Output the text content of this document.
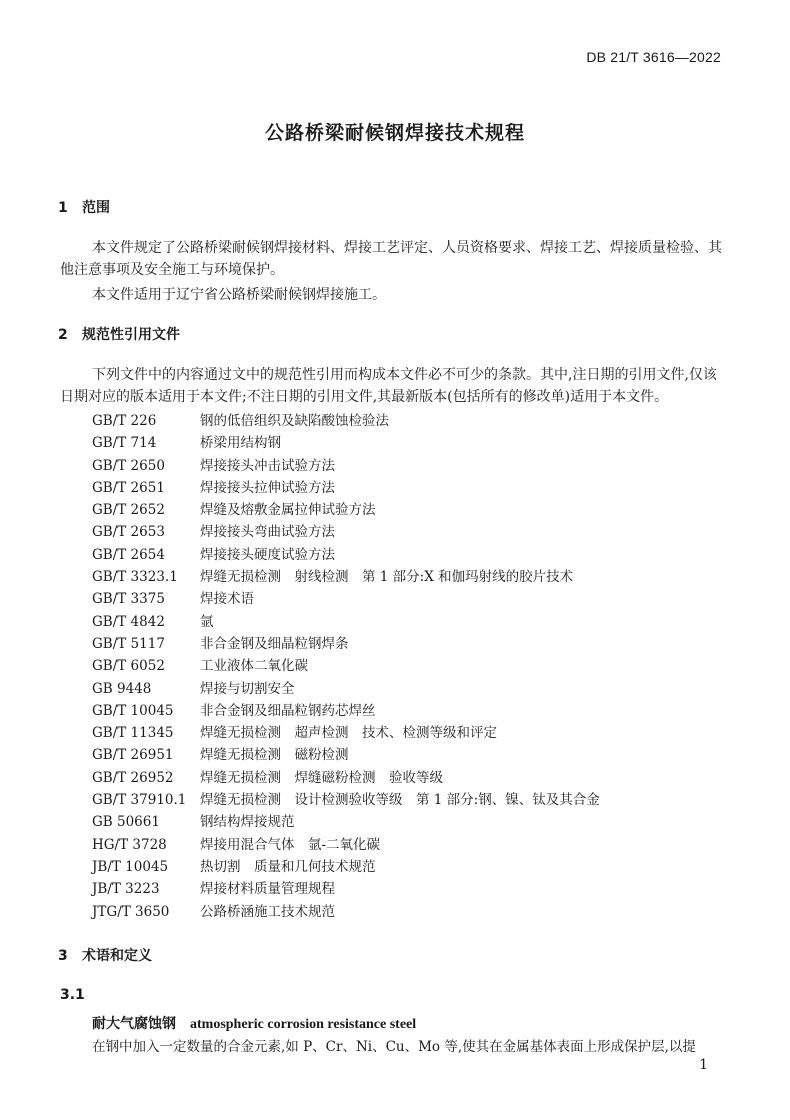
DB 21/T 3616—2022
公路桥梁耐候钢焊接技术规程
1 范围
本文件规定了公路桥梁耐候钢焊接材料、焊接工艺评定、人员资格要求、焊接工艺、焊接质量检验、其他注意事项及安全施工与环境保护。
本文件适用于辽宁省公路桥梁耐候钢焊接施工。
2 规范性引用文件
下列文件中的内容通过文中的规范性引用而构成本文件必不可少的条款。其中,注日期的引用文件,仅该日期对应的版本适用于本文件;不注日期的引用文件,其最新版本(包括所有的修改单)适用于本文件。
GB/T 226	钢的低倍组织及缺陷酸蚀检验法
GB/T 714	桥梁用结构钢
GB/T 2650	焊接接头冲击试验方法
GB/T 2651	焊接接头拉伸试验方法
GB/T 2652	焊缝及熔敷金属拉伸试验方法
GB/T 2653	焊接接头弯曲试验方法
GB/T 2654	焊接接头硬度试验方法
GB/T 3323.1 焊缝无损检测　射线检测　第 1 部分:X 和伽玛射线的胶片技术
GB/T 3375	焊接术语
GB/T 4842	氩
GB/T 5117	非合金钢及细晶粒钢焊条
GB/T 6052	工业液体二氧化碳
GB 9448	焊接与切割安全
GB/T 10045 非合金钢及细晶粒钢药芯焊丝
GB/T 11345 焊缝无损检测　超声检测　技术、检测等级和评定
GB/T 26951 焊缝无损检测　磁粉检测
GB/T 26952 焊缝无损检测　焊缝磁粉检测　验收等级
GB/T 37910.1 焊缝无损检测　设计检测验收等级　第 1 部分:钢、镍、钛及其合金
GB 50661	钢结构焊接规范
HG/T 3728 焊接用混合气体　氩-二氧化碳
JB/T 10045 热切割　质量和几何技术规范
JB/T 3223	焊接材料质量管理规程
JTG/T 3650 公路桥涵施工技术规范
3 术语和定义
3.1
耐大气腐蚀钢 atmospheric corrosion resistance steel
在钢中加入一定数量的合金元素,如 P、Cr、Ni、Cu、Mo 等,使其在金属基体表面上形成保护层,以提
1
